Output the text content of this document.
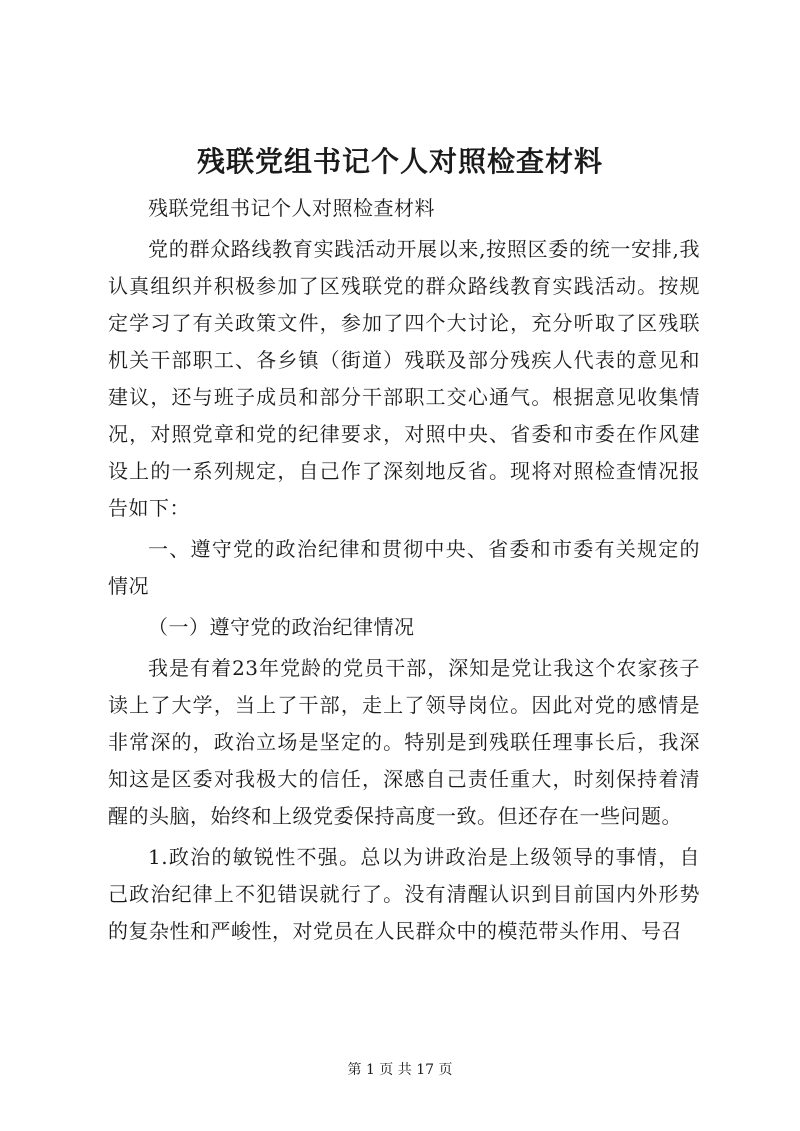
残联党组书记个人对照检查材料

残联党组书记个人对照检查材料

党的群众路线教育实践活动开展以来,按照区委的统一安排,我认真组织并积极参加了区残联党的群众路线教育实践活动。按规定学习了有关政策文件，参加了四个大讨论，充分听取了区残联机关干部职工、各乡镇（街道）残联及部分残疾人代表的意见和建议，还与班子成员和部分干部职工交心通气。根据意见收集情况，对照党章和党的纪律要求，对照中央、省委和市委在作风建设上的一系列规定，自己作了深刻地反省。现将对照检查情况报告如下：

一、遵守党的政治纪律和贯彻中央、省委和市委有关规定的情况

（一）遵守党的政治纪律情况

我是有着23年党龄的党员干部，深知是党让我这个农家孩子读上了大学，当上了干部，走上了领导岗位。因此对党的感情是非常深的，政治立场是坚定的。特别是到残联任理事长后，我深知这是区委对我极大的信任，深感自己责任重大，时刻保持着清醒的头脑，始终和上级党委保持高度一致。但还存在一些问题。

1.政治的敏锐性不强。总以为讲政治是上级领导的事情，自己政治纪律上不犯错误就行了。没有清醒认识到目前国内外形势的复杂性和严峻性，对党员在人民群众中的模范带头作用、号召

第 1 页 共 17 页
